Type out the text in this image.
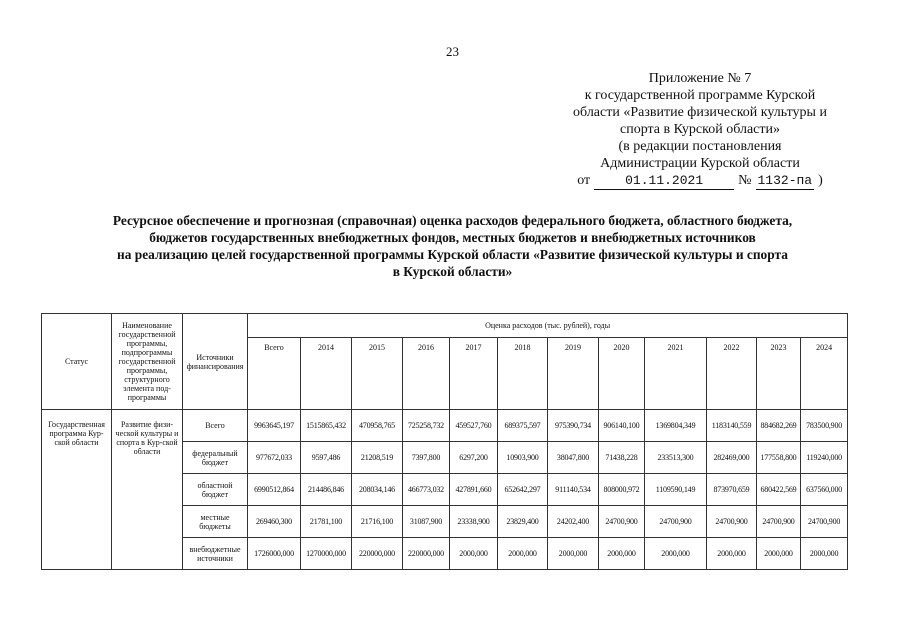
23
Приложение № 7
к государственной программе Курской
области «Развитие физической культуры и
спорта в Курской области»
(в редакции постановления
Администрации Курской области
от	01.11.2021	№ 1132-па )
Ресурсное обеспечение и прогнозная (справочная) оценка расходов федерального бюджета, областного бюджета,
бюджетов государственных внебюджетных фондов, местных бюджетов и внебюджетных источников
на реализацию целей государственной программы Курской области «Развитие физической культуры и спорта
в Курской области»
Статус	Наименование государственной программы, подпрограммы государственной программы, структурного элемента под-программы	Источники финансирования	Оценка расходов (тыс. рублей), годы											
			Всего	2014	2015	2016	2017	2018	2019	2020	2021	2022	2023	2024
Государственная программа Кур-ской области	Развитие физи-ческой культуры и спорта в Кур-ской области	Всего	9963645,197	1515865,432	470958,765	725258,732	459527,760	689375,597	975390,734	906140,100	1369804,349	1183140,559	884682,269	783500,900
		федеральный бюджет	977672,033	9597,486	21208,519	7397,800	6297,200	10903,900	38047,800	71438,228	233513,300	282469,000	177558,800	119240,000
		областной бюджет	6990512,864	214486,846	208034,146	466773,032	427891,660	652642,297	911140,534	808000,972	1109590,149	873970,659	680422,569	637560,000
		местные бюджеты	269460,300	21781,100	21716,100	31087,900	23338,900	23829,400	24202,400	24700,900	24700,900	24700,900	24700,900	24700,900
		внебюджетные источники	1726000,000	1270000,000	220000,000	220000,000	2000,000	2000,000	2000,000	2000,000	2000,000	2000,000	2000,000	2000,000
